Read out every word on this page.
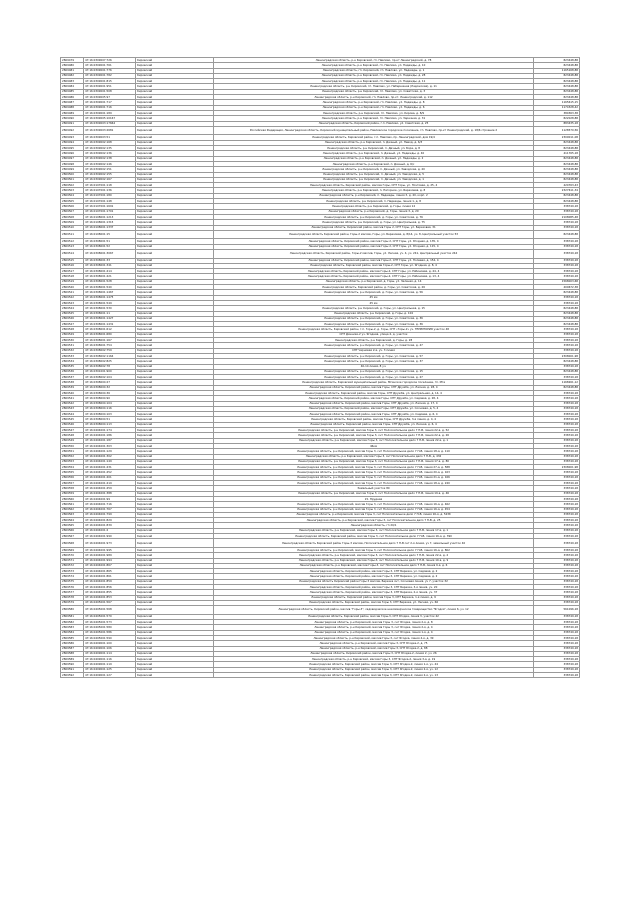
2809479	47:16:0309007:726	Кировский	Ленинградская область, р-н Кировский, гп. Павлово, пр-кт Ленинградский, д. 78	823448,88
2809480	47:16:0309001:761	Кировский	Ленинградская область, р-н Кировский, гп. Павлово, ул. Надежды, д. 10	823448,88
2809481	47:16:0309001:776	Кировский	Ленинградская область, гп. Кировский, гп. Павлово, ул. Надежды, д. 1	1165168,88
2809482	47:16:0309001:782	Кировский	Ленинградская область, р-н Кировский, гп. Павлово, ул. Надежды, д. 28	823448,88
2809483	47:16:0309001:815	Кировский	Ленинградская область, р-н Кировский, гп. Павлово, ул. Надежды, д. 11	823448,88
2809484	47:16:0309001:951	Кировский	Ленинградская область, р-н Кировский, гп. Павлово, ул. Набережная (Ладожская), д. 11	823448,88
2809485	47:16:0309001:508	Кировский	Ленинградская область, р-н Кировский, гп. Павлово, ул. Советская, д. 3	823448,88
2809486	47:16:0309005:97	Кировский	Ленинградская область, р-н Кировский, гп. Павлово, пр-кт. Ленинградский, д. 112	823448,88
2809487	47:16:0309001:717	Кировский	Ленинградская область, р-н Кировский, гп. Павлово, ул. Надежды, д. 8	1165615,15
2809488	47:16:0309001:716	Кировский	Ленинградская область, р-н Кировский, гп. Павлово, ул. Надежды, д. 6	1174328,42
2809489	47:16:0309001:189	Кировский	Ленинградская область, р-н Кировский, гп. Павлово, ул. Кирова, д. 8/9	380363,38
2809490	47:16:0309005:10167	Кировский	Ленинградская область, р-н Кировский, гп. Павлово, ул. Заречная, д. 31	822028,88
2809491	47:16:0309003:17664	Кировский	Ленинградская область, Кировский район, г.п. Павлово, ул. Советская, д. 25	883435,18
2809492	47:16:0309003:2681	Кировский	Российская Федерация, Ленинградская область, Кировский муниципальный район, Павловское городское поселение, гп. Павлово, пр-кт Ленинградский, д. 18/6 строение 2	1128570,56
2809493	47:16:0309003:51	Кировский	Ленинградская область, Кировский район, г.п. Павлово, пр. Ленинградский, дом 19/4	2309011,08
2809494	47:16:0309002:168	Кировский	Ленинградская область, р-н Кировский, п. Дачный, ул. Невод, д. 6/3	823448,88
2809495	47:16:0309002:135	Кировский	Ленинградская область, р-н Кировский, п. Дачный, ул. Бора, д. 8	823448,88
2809496	47:16:0309002:136	Кировский	Ленинградская область, р-н Кировский, п. Дачный, ул. Надежды, д. 40	411765,18
2809497	47:16:0309002:138	Кировский	Ленинградская область, р-н Кировский, п. Дачный, ул. Надежды, д. 2	823448,88
2809498	47:16:0309002:146	Кировский	Ленинградская область, р-н Кировский, п. Дачный, д. 6/с	823448,88
2809499	47:16:0309002:151	Кировский	Ленинградская область, р-н Кировский, п. Дачный, ул. Заводская, д. 40	823448,88
2809500	47:16:0309002:155	Кировский	Ленинградская область, р-н Кировский, п. Дачный, ул. Заводская, д. 5	823448,88
2809501	47:16:0309002:167	Кировский	Ленинградская область, р-н Кировский, п. Дачный, ул. Заводская, д. 1	823448,88
2809502	47:16:0107001:118	Кировский	Ленинградская область, Кировский район, массив Горы, СНТ Горы, ул. Почтовая, д. 25, 4	420763,43
2809503	47:16:0107001:136	Кировский	Ленинградская область, р-н Кировский, п. Нагорное, ул. Березовая, д. 8	2327611,34
2809504	47:16:0107001:180	Кировский	Ленинградская область, р-н Кировский, п. Надежды, линия 3, д. 40, корп. 2	823448,88
2809505	47:16:0107001:148	Кировский	Ленинградская область, р-н Кировский, п. Надежды, линия 1, д. 8	823448,88
2809506	47:16:0107001:1691	Кировский	Ленинградская область, р-н Кировский, д. Горы, линия 14	338749,18
2809507	47:16:0107001:1701	Кировский	Ленинградская область, р-н Кировский, д. Горы, линия 3, д. 29	338749,18
2809508	47:16:0108001:1213	Кировский	Ленинградская область, р-н Кировский, д. Горы, ул. Советская, д. 76	2108085,48
2809509	47:16:0108001:1315	Кировский	Ленинградская область, р-н Кировский, д. Горы, ул. Центральная, д. 75	338749,18
2809510	47:16:0108001:1337	Кировский	Ленинградская область, Кировский район, массив Горы 2, СНТ Горы, ул. Березовая, 31	338749,18
2809511	47:16:0108001:15	Кировский	Ленинградская область Кировский район, Горы-2 массив, Горы, ул. Березовая, д. 8/14, уч. 8, Центральный участок 53	823448,88
2809512	47:16:0308001:51	Кировский	Ленинградская область, Кировский район, массив Горы 2, СНТ Горы, ул. Ягодная, д. 135, 4	338749,18
2809513	47:16:0308001:52	Кировский	Ленинградская область, Кировский район, массив Горы 2, СНТ Горы, ул. Ягодная, д. 115, 4	338749,18
2809514	47:16:0308001:3067	Кировский	Ленинградская область, Кировский район, Горы-2 массив, Горы, ул. Лесная, уч. 4, уч. 241, Центральный участок 244	338749,18
2809515	47:16:0308001:33	Кировский	Ленинградская область, Кировский район, массив Горы-2, СНТ Горы, ул. Полевая, д. 154, 4	338749,18
2809516	47:16:0308001:341	Кировский	Ленинградская область, Кировский район, массив Горы-2, СНТ Горы, ул. Ягодная, д. 8, 4	338749,18
2809517	47:16:0308001:414	Кировский	Ленинградская область, Кировский район, массив Горы-2, СНТ Горы, ул. Рябиновая, д. 44, 4	338749,18
2809518	47:16:0308001:421	Кировский	Ленинградская область, Кировский район, массив Горы-2, СНТ Горы, ул. Рябиновая, д. 13, 4	338749,18
2809519	47:16:0308001:528	Кировский	Ленинградская область, р-н Кировский, д. Горы, ул. Зеленая, д. 14	1568003,68
2809520	47:16:0308001:540	Кировский	Ленинградская область, Кировский район, д. Горы, ул. Советская, д. 26	400672,38
2809521	47:16:0308001:1467	Кировский	Ленинградская область, р-н Кировский, д. Горы, ул. Советская, д. 56	823448,88
2809522	47:16:0308001:1475	Кировский	45 км	338749,18
2809523	47:16:0308001:549	Кировский	45 км	338749,18
2809524	47:16:0308001:530	Кировский	Ленинградская область, р-н Кировский, д. Горы, ул. Центральная, д. 15	823448,88
2809525	47:16:0308001:11	Кировский	Ленинградская область, р-н Кировский, д. Горы, д. 104	823448,88
2809526	47:16:0308001:1427	Кировский	Ленинградская область, р-н Кировский, д. Горы, ул. Советская, д. 36	823448,88
2809527	47:16:0308001:1431	Кировский	Ленинградская область, р-н Кировский, д. Горы, ул. Советская, д. 36	823448,88
2809528	47:16:0308001:612	Кировский	Ленинградская область, Кировский район, г.п. Горы-2, д. Горы, СНТ «Горы-2» уч. ТЕРРИТОРИЯ участок 48	338749,18
2809529	47:16:0308001:680	Кировский	СНТ Дачники-2 уч. Ягодная, улица 4, д. участок	338749,18
2809530	47:16:0308001:167	Кировский	Ленинградская область, р-н Кировский, д. Горы, д. 28	338749,18
2809531	47:16:0308001:754	Кировский	Ленинградская область, р-н Кировский, д. Горы, ул. Советская, д. 47	338749,18
2809532	47:16:0308002:759	Кировский	СНТ Черновая 2-я, уч. 3 линия	338749,18
2809533	47:16:0308002:1164	Кировский	Ленинградская область, р-н Кировский, д. Горы, ул. Советская, д. 57	2308001,98
2809534	47:16:0308002:825	Кировский	Ленинградская область, р-н Кировский, д. Горы, ул. Советская, д. 37	823448,88
2809535	47:16:0308002:78	Кировский	40-14 линия, 8 уч.	338749,18
2809536	47:16:0301001:900	Кировский	Ленинградская область, р-н Кировский, д. Горы, ул. Советская, д. 15	823448,88
2809537	47:16:0308002:104	Кировский	Ленинградская область, р-н Кировский, д. Горы, ул. Советская, д. 27	338749,18
2809538	47:16:0308004:27	Кировский	Ленинградская область, Кировский муниципальный район, Мгинское городское поселение, гп. Мга	1168261,12
2809539	47:16:0308004:32	Кировский	Ленинградская область, Кировский район, массив Горы, СНТ Дружба, ул. Лесная, д. 28, 4	823448,88
2809540	47:16:0308004:36	Кировский	Ленинградская область, Кировский район, массив Горы, СНТ Дружба, ул. Центральная, д. 14, 4	338749,18
2809541	47:16:0308004:90	Кировский	Ленинградская область, Кировский район, массив Горы, СНТ Дружба, ул. Садовая, д. 28, 4	338749,18
2809542	47:16:0308004:104	Кировский	Ленинградская область, Кировский район, массив Горы, СНТ Дружба, ул. Лесная, д. 17, 4	338749,18
2809543	47:16:0308004:116	Кировский	Ленинградская область, Кировский район, массив Горы, СНТ Дружба, ул. Сосновая, д. 5, 4	338749,18
2809544	47:16:0308004:103	Кировский	Ленинградская область, Кировский район, массив Горы, СНТ Дружба, ул. Садовая, д. 6, 4	338749,18
2809545	47:16:0308004:51	Кировский	Ленинградская область, Кировский район, массив Горы, СНТ Дружба, 3-я линия, д. 4, 4	338749,18
2809546	47:16:0308004:113	Кировский	Ленинградская область, Кировский район, массив Горы, СНТ Дружба, ул. Лесная, д. 6, 4	338749,18
2809547	47:16:0404001:174	Кировский	Ленинградская область, р-н Кировский, массив Горы 3, снт Полоскательное дело 7 Н-В, линия 22-я, д. 52	338749,18
2809548	47:16:0404001:186	Кировский	Ленинградская область, р-н Кировский, массив Горы 3, снт Полоскательное дело 7 Н-В, линия 22-я, д. 26	338749,18
2809549	47:16:0404001:187	Кировский	Ленинградская область, р-н Кировский, массив Горы 3, снт Полоскательное дело 7 Н-В, линия 22-я, д. 1	338749,18
2809550	47:16:0404001:303	Кировский	46км	338749,18
2809551	47:16:0404001:129	Кировский	Ленинградская область, р-н Кировский, массив Горы 3, снт Полоскательное дело 7 Н-В, линия 18-я, д. 110	338749,18
2809552	47:16:0404001:302	Кировский	Ленинградская область, р-н Кировский, массив Горы 3, снт Полоскательное дело 7 Н-В, д. 432	338749,18
2809553	47:16:0404001:149	Кировский	Ленинградская область, р-н Кировский, массив Горы 3, снт Полоскательное дело 7 Н-В, линия 17-я, д. 80	338749,18
2809554	47:16:0404001:431	Кировский	Ленинградская область, р-н Кировский, массив Горы 3, снт Полоскательное дело 7 Н-В, линия 27-я, д. 588	2308001,98
2809555	47:16:0404001:452	Кировский	Ленинградская область, р-н Кировский, массив Горы 3, снт Полоскательное дело 7 Н-В, линия 20-я, д. 163	338749,18
2809556	47:16:0404001:401	Кировский	Ленинградская область, р-н Кировский, массив Горы 3, снт Полоскательное дело 7 Н-В, линия 21-я, д. 166	338749,18
2809557	47:16:0404001:419	Кировский	Ленинградская область, р-н Кировский, массив Горы 3, снт Полоскательное дело 7 Н-В, линия 18-я, д. 240	338749,18
2809558	47:16:0404001:459	Кировский	Земельный участок 80	338749,18
2809559	47:16:0404001:388	Кировский	Ленинградская область, р-н Кировский, массив Горы 3, снт Полоскательное дело 7 Н-В, линия 19-я, д. 46	338749,18
2809560	47:16:0404001:99	Кировский	Ул. Прудная	338749,18
2809561	47:16:0404001:716	Кировский	Ленинградская область, р-н Кировский, массив Горы 3, снт Полоскательное дело 7 Н-В, линия 16-я, д. 462	338749,18
2809562	47:16:0404001:767	Кировский	Ленинградская область, р-н Кировский, массив Горы 3, снт Полоскательное дело 7 Н-В, линия 16-я, д. 454	338749,18
2809563	47:16:0404001:799	Кировский	Ленинградская область, р-н Кировский, массив Горы 3, снт Полоскательное дело 7 Н-В, линия 16-я, д. 523б	338749,18
2809564	47:16:0404001:829	Кировский	Ленинградская область, р-н Кировский, массив Горы 3, снт Полоскательное дело 7 Н-В, д. 25	338749,18
2809565	47:16:0404001:839	Кировский	Ленинградская область, гп 20/1	338749,18
2809566	47:16:0404001:2	Кировский	Ленинградская область, р-н Кировский, массив Горы 3, снт Полоскательное дело 7 Н-В, линия 17-я, д. 1	338749,18
2809567	47:16:0404001:990	Кировский	Ленинградская область, Кировский район, массив Горы 3, снт Полоскательное дело 7 Н-В, линия 16-я, д. 390	338749,18
2809568	47:16:0404001:973	Кировский	Ленинградская область Кировский район Горы-3 массив, Полоскательное дело 7 Н-В снт 2-я линия, уч 7, земельный участок 40	338749,18
2809569	47:16:0404001:995	Кировский	Ленинградская область, р-н Кировский, массив Горы 3, снт Полоскательное дело 7 Н-В, линия 16-я, д. 802	338749,18
2809570	47:16:0404001:989	Кировский	Ленинградская область, р-н Кировский, массив Горы 3, снт Полоскательное дело 7 Н-В, линия 22-я, д. 4	338749,18
2809571	47:16:0404001:994	Кировский	Ленинградская область, р-н Кировский, массив Горы-3, снт Полоскательное дело 7 Н-В, линия 19-я, д. 9	338749,18
2809572	47:16:0404001:867	Кировский	Ленинградская область, р-н Кировский, массив Горы-3, снт Полоскательное дело 7 Н-В, линия 9-я, д. 6	338749,18
2809573	47:16:0404001:865	Кировский	Ленинградская область, Кировский район, массив Горы 3, СНТ Березка, ул. Садовая, д. 2	338749,18
2809574	47:16:0404001:861	Кировский	Ленинградская область, Кировский район, массив Горы 3, СНТ Березка, ул. Садовая, д. 2	338749,18
2809575	47:16:0404001:859	Кировский	Ленинградская область Кировский район Горы 3 массив, Березка снт, Сосновая линия, уч 7, участок 32	338749,18
2809576	47:16:0404001:856	Кировский	Ленинградская область, Кировский район, массив Горы 3, СНТ Березка, 3-я линия, уч. 20	338749,18
2809577	47:16:0404001:855	Кировский	Ленинградская область, Кировский район, массив Горы 3, СНТ Березка, 2-я линия, уч. 37	338749,18
2809578	47:16:0404001:853	Кировский	Ленинградская область, Кировский район, массив Горы 3, СНТ Березка, 1-я линия, д. 9	338749,18
2809579	47:16:0405001:567	Кировский	Ленинградская область, Кировский район, массив Горы 3, СНТ Березка, ул. Лесная, уч. 66	338749,18
2809580	47:16:0405001:568	Кировский	Ленинградская область, Кировский район, массив "Горы-3", садоводческое некоммерческое товарищество "Ягодка", линия 6, уч. 12	561096,18
2809581	47:16:0405001:570	Кировский	Ленинградская область, Кировский район, массив Горы-3, СНТ Ягодка, линия 3, участок 42	338749,18
2809582	47:16:0405001:573	Кировский	Ленинградская область, р-н Кировский, массив Горы 3, снт Ягодка, линия 2-я, д. 8	338749,18
2809583	47:16:0405001:580	Кировский	Ленинградская область, р-н Кировский, массив Горы 3, снт Ягодка, линия 2-я, д. 4	338749,18
2809584	47:16:0405001:586	Кировский	Ленинградская область, р-н Кировский, массив Горы 3, снт Ягодка, линия 1-я, д. 4	338749,18
2809585	47:16:0405001:590	Кировский	Ленинградская область, р-н Кировский, массив Горы 3, снт Ягодка, линия 4-я, д. 39	338749,18
2809586	47:16:0409001:100	Кировский	Ленинградская область, р-н Кировский, массив Горы 3, СНТ Ягодка-2, д. 75	338749,18
2809587	47:16:0409001:106	Кировский	Ленинградская область, р-н Кировский, массив Горы 3, СНТ Ягодка-2, д. 88	338749,18
2809588	47:16:0409001:114	Кировский	Ленинградская область, Кировский район, массив Горы 3, СНТ Ягодка-2, линия 2, уч. 26	338749,18
2809589	47:16:0409001:116	Кировский	Ленинградская область, р-н Кировский, массив Горы 3, СНТ Ягодка-2, линия 3-я, д. 19	338749,18
2809590	47:16:0409001:119	Кировский	Ленинградская область, Кировский район, массив Горы 3, СНТ Ягодка-2, линия 1-я, уч. 44	338749,18
2809591	47:16:0409001:125	Кировский	Ленинградская область, Кировский район, массив Горы 3, СНТ Ягодка-2, линия 2-я, уч. 12	338749,18
2809592	47:16:0409001:127	Кировский	Ленинградская область, Кировский район, массив Горы 3, СНТ Ягодка-2, линия 2-я, уч. 13	338749,18
